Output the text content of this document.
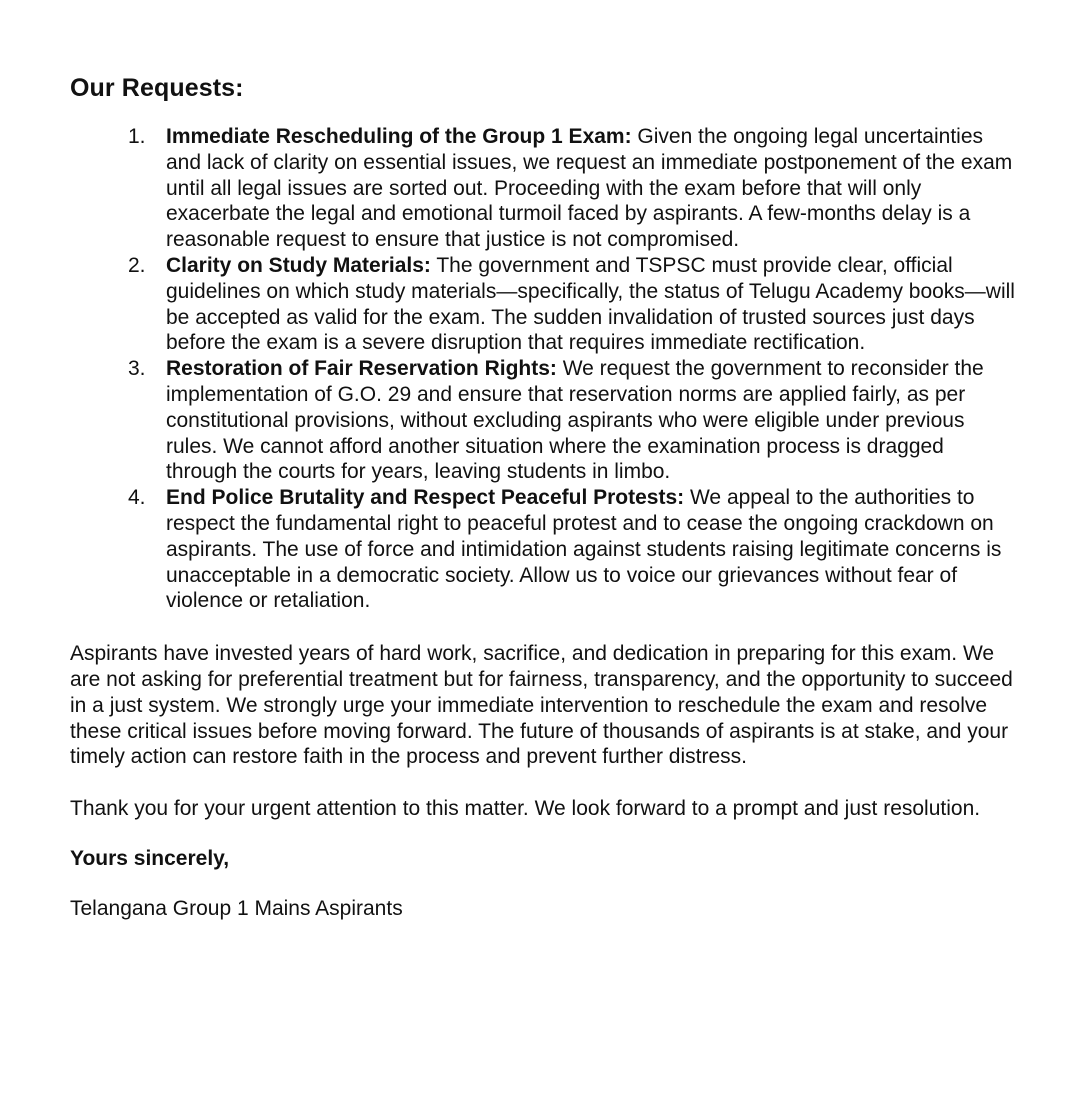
Our Requests:
1. Immediate Rescheduling of the Group 1 Exam: Given the ongoing legal uncertainties and lack of clarity on essential issues, we request an immediate postponement of the exam until all legal issues are sorted out. Proceeding with the exam before that will only exacerbate the legal and emotional turmoil faced by aspirants. A few-months delay is a reasonable request to ensure that justice is not compromised.
2. Clarity on Study Materials: The government and TSPSC must provide clear, official guidelines on which study materials—specifically, the status of Telugu Academy books—will be accepted as valid for the exam. The sudden invalidation of trusted sources just days before the exam is a severe disruption that requires immediate rectification.
3. Restoration of Fair Reservation Rights: We request the government to reconsider the implementation of G.O. 29 and ensure that reservation norms are applied fairly, as per constitutional provisions, without excluding aspirants who were eligible under previous rules. We cannot afford another situation where the examination process is dragged through the courts for years, leaving students in limbo.
4. End Police Brutality and Respect Peaceful Protests: We appeal to the authorities to respect the fundamental right to peaceful protest and to cease the ongoing crackdown on aspirants. The use of force and intimidation against students raising legitimate concerns is unacceptable in a democratic society. Allow us to voice our grievances without fear of violence or retaliation.

Aspirants have invested years of hard work, sacrifice, and dedication in preparing for this exam. We are not asking for preferential treatment but for fairness, transparency, and the opportunity to succeed in a just system. We strongly urge your immediate intervention to reschedule the exam and resolve these critical issues before moving forward. The future of thousands of aspirants is at stake, and your timely action can restore faith in the process and prevent further distress.

Thank you for your urgent attention to this matter. We look forward to a prompt and just resolution.

Yours sincerely,
Telangana Group 1 Mains Aspirants
